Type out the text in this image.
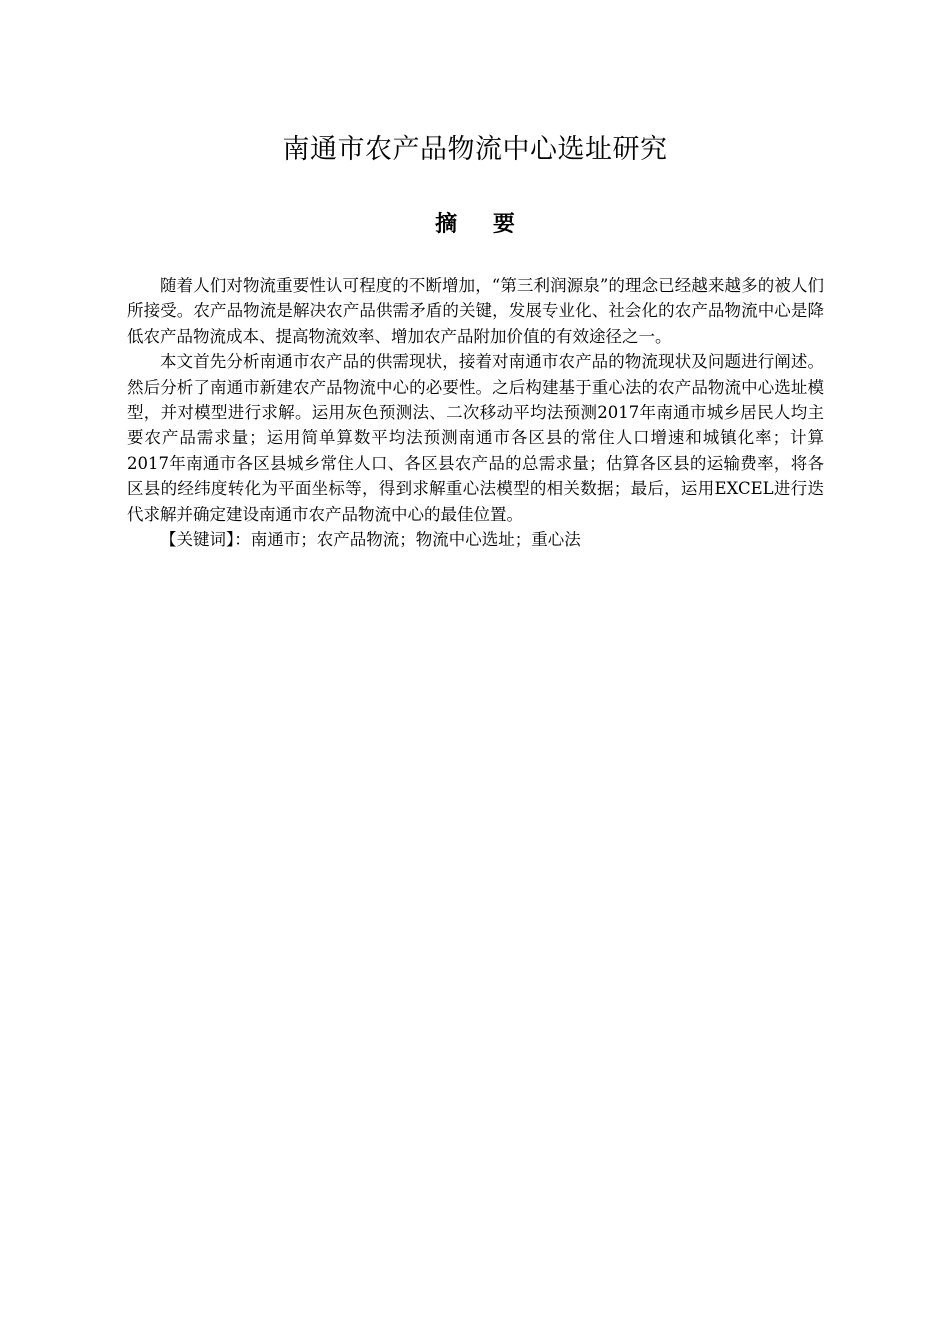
南通市农产品物流中心选址研究
摘 要

随着人们对物流重要性认可程度的不断增加，“第三利润源泉”的理念已经越来越多的被人们所接受。农产品物流是解决农产品供需矛盾的关键，发展专业化、社会化的农产品物流中心是降低农产品物流成本、提高物流效率、增加农产品附加价值的有效途径之一。

本文首先分析南通市农产品的供需现状，接着对南通市农产品的物流现状及问题进行阐述。然后分析了南通市新建农产品物流中心的必要性。之后构建基于重心法的农产品物流中心选址模型，并对模型进行求解。运用灰色预测法、二次移动平均法预测2017年南通市城乡居民人均主要农产品需求量；运用简单算数平均法预测南通市各区县的常住人口增速和城镇化率；计算2017年南通市各区县城乡常住人口、各区县农产品的总需求量；估算各区县的运输费率，将各区县的经纬度转化为平面坐标等，得到求解重心法模型的相关数据；最后，运用EXCEL进行迭代求解并确定建设南通市农产品物流中心的最佳位置。

【关键词】：南通市；农产品物流；物流中心选址；重心法
